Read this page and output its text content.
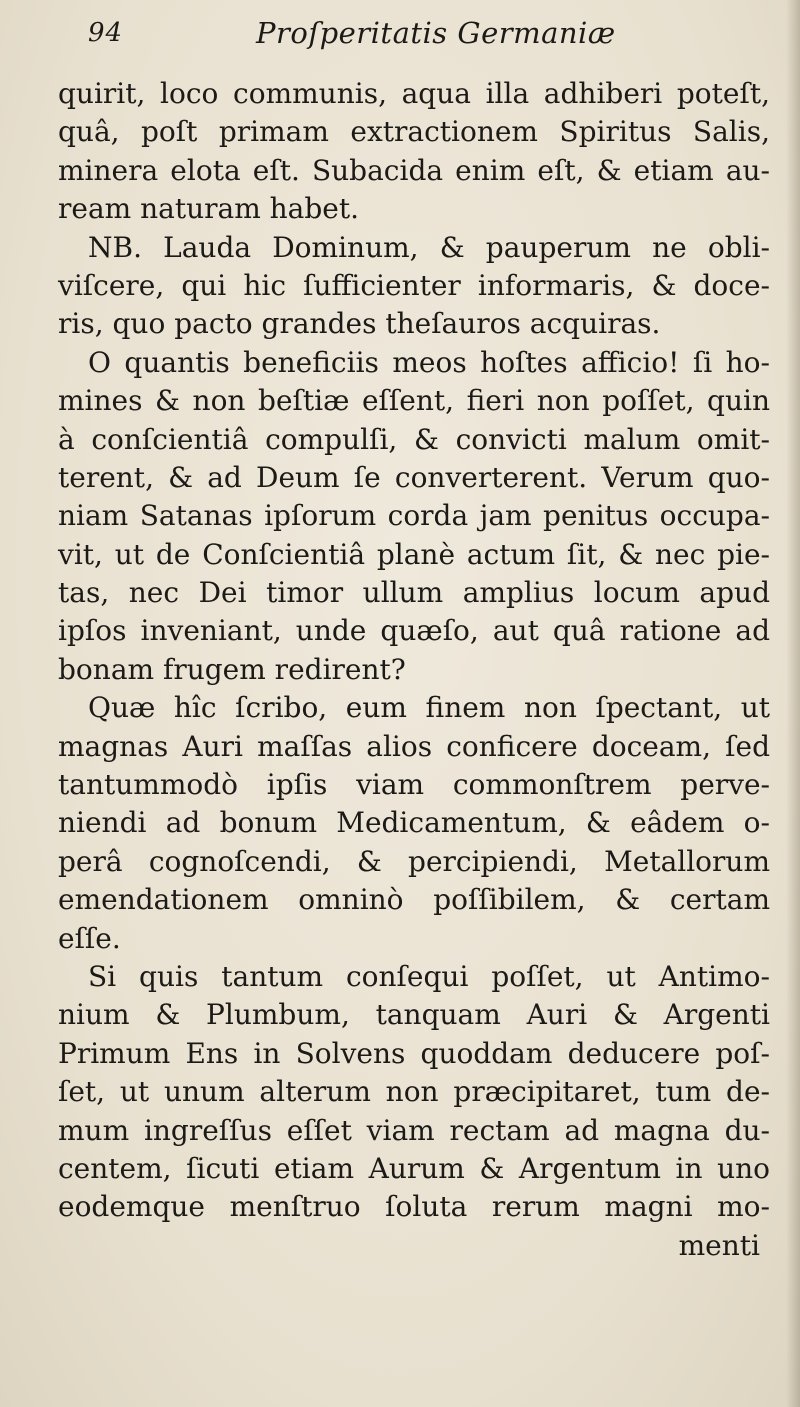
94	Proſperitatis Germaniæ
quirit, loco communis, aqua illa adhiberi poteſt,
quâ, poſt primam extractionem Spiritus Salis,
minera elota eſt. Subacida enim eſt, & etiam au-
ream naturam habet.
NB. Lauda Dominum, & pauperum ne obli-
viſcere, qui hic ſufficienter informaris, & doce-
ris, quo pacto grandes theſauros acquiras.
O quantis beneficiis meos hoſtes afficio! ſi ho-
mines & non beſtiæ eſſent, fieri non poſſet, quin
à conſcientiâ compulſi, & convicti malum omit-
terent, & ad Deum ſe converterent. Verum quo-
niam Satanas ipſorum corda jam penitus occupa-
vit, ut de Conſcientiâ planè actum ſit, & nec pie-
tas, nec Dei timor ullum amplius locum apud
ipſos inveniant, unde quæſo, aut quâ ratione ad
bonam frugem redirent?
Quæ hîc ſcribo, eum finem non ſpectant, ut
magnas Auri maſſas alios conficere doceam, ſed
tantummodò ipſis viam commonſtrem perve-
niendi ad bonum Medicamentum, & eâdem o-
perâ cognoſcendi, & percipiendi, Metallorum
emendationem omninò poſſibilem, & certam
eſſe.
Si quis tantum conſequi poſſet, ut Antimo-
nium & Plumbum, tanquam Auri & Argenti
Primum Ens in Solvens quoddam deducere poſ-
ſet, ut unum alterum non præcipitaret, tum de-
mum ingreſſus eſſet viam rectam ad magna du-
centem, ſicuti etiam Aurum & Argentum in uno
eodemque menſtruo ſoluta rerum magni mo-
menti
